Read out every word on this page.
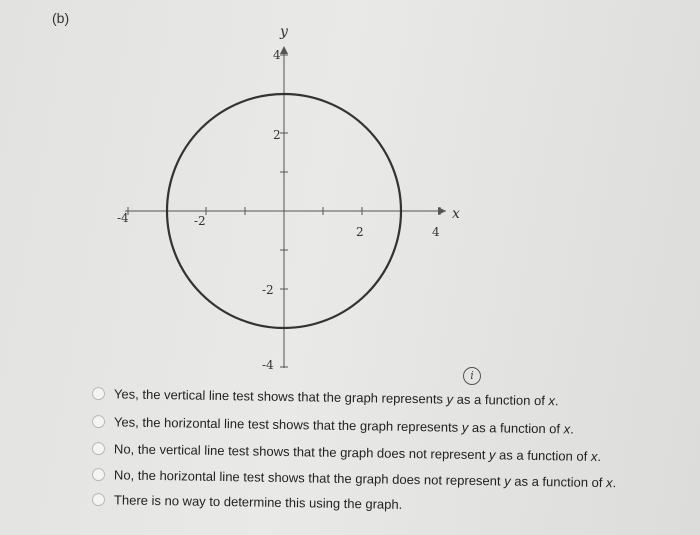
(b)
x
y
-4	-2
2	4
4
2
-2
-4
i
Yes, the vertical line test shows that the graph represents y as a function of x.
Yes, the horizontal line test shows that the graph represents y as a function of x.
No, the vertical line test shows that the graph does not represent y as a function of x.
No, the horizontal line test shows that the graph does not represent y as a function of x.
There is no way to determine this using the graph.
